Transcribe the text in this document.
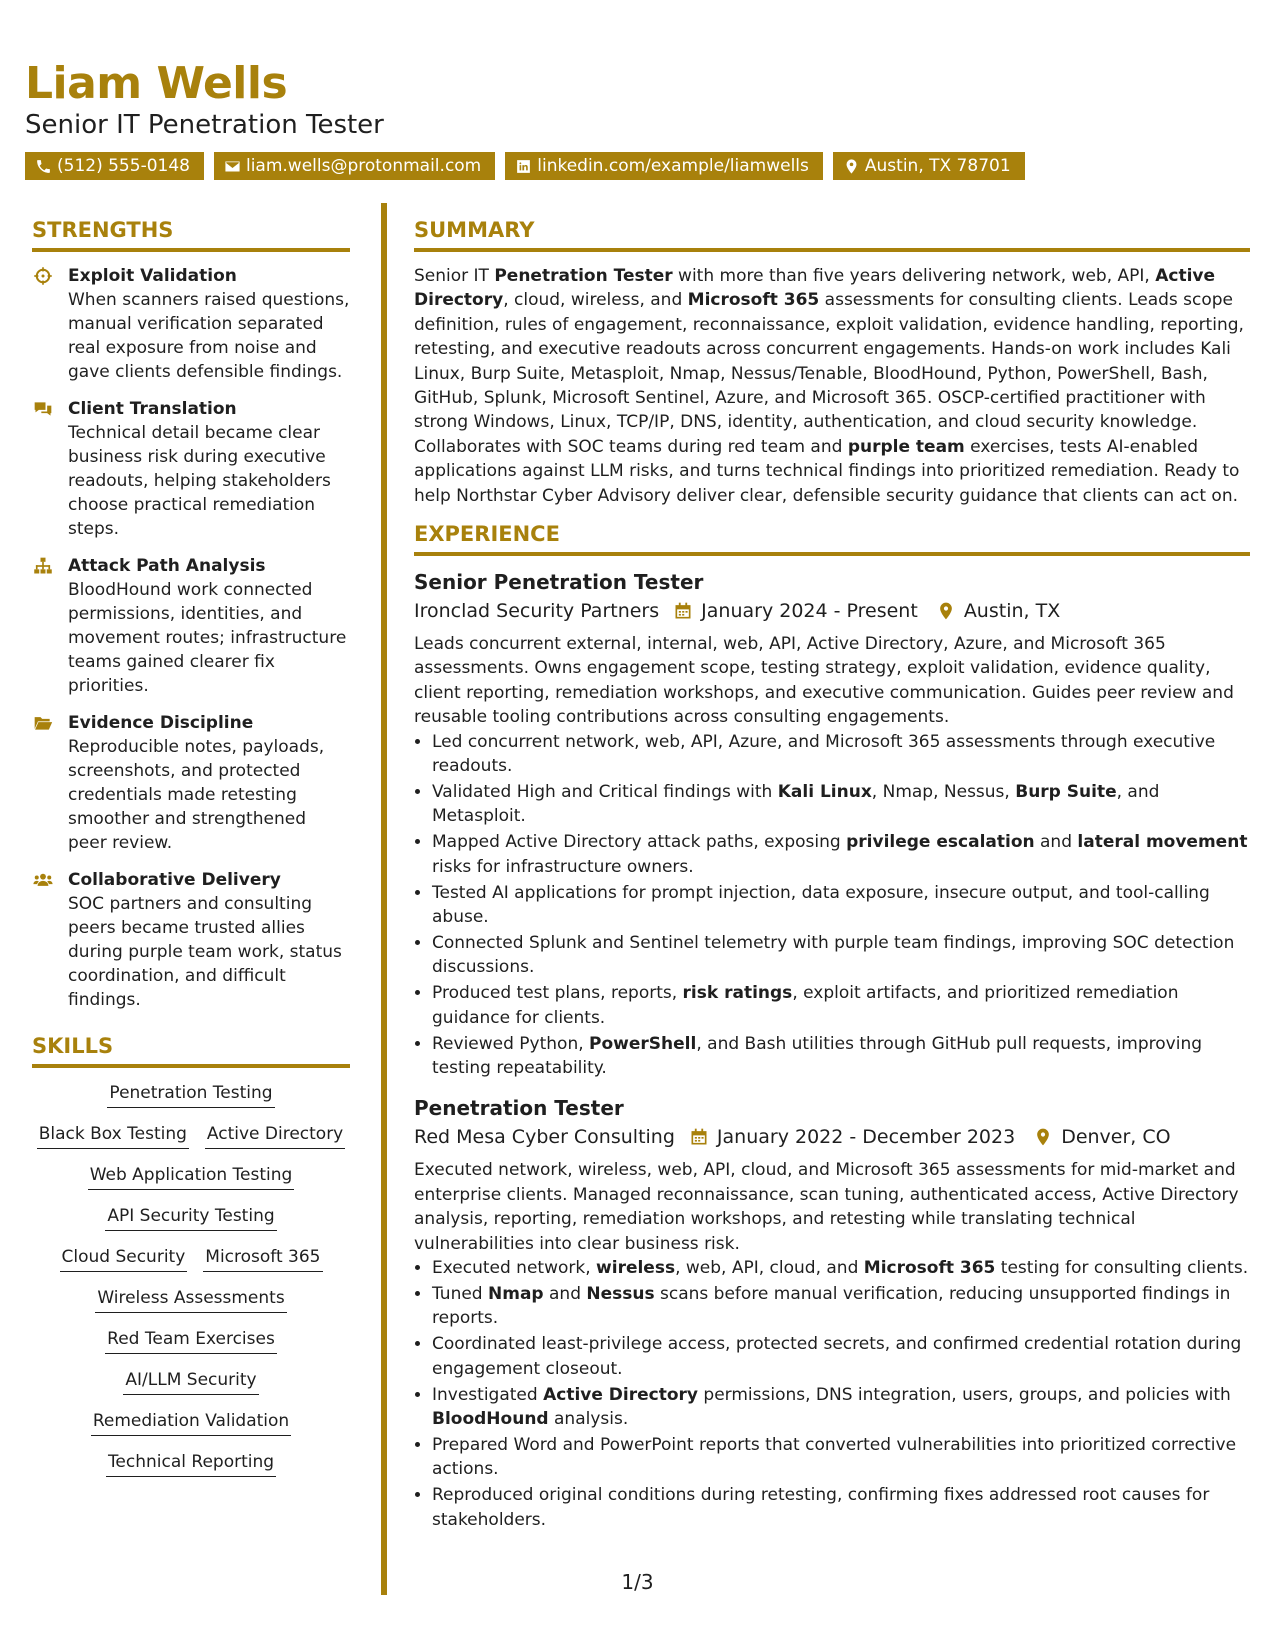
Liam Wells
Senior IT Penetration Tester
(512) 555-0148	liam.wells@protonmail.com	linkedin.com/example/liamwells	Austin, TX 78701
STRENGTHS
Exploit Validation
When scanners raised questions, manual verification separated real exposure from noise and gave clients defensible findings.
Client Translation
Technical detail became clear business risk during executive readouts, helping stakeholders choose practical remediation steps.
Attack Path Analysis
BloodHound work connected permissions, identities, and movement routes; infrastructure teams gained clearer fix priorities.
Evidence Discipline
Reproducible notes, payloads, screenshots, and protected credentials made retesting smoother and strengthened peer review.
Collaborative Delivery
SOC partners and consulting peers became trusted allies during purple team work, status coordination, and difficult findings.
SKILLS
Penetration Testing
Black Box Testing Active Directory
Web Application Testing
API Security Testing
Cloud Security Microsoft 365
Wireless Assessments
Red Team Exercises
AI/LLM Security
Remediation Validation
Technical Reporting
SUMMARY

Senior IT Penetration Tester with more than five years delivering network, web, API, Active Directory, cloud, wireless, and Microsoft 365 assessments for consulting clients. Leads scope definition, rules of engagement, reconnaissance, exploit validation, evidence handling, reporting, retesting, and executive readouts across concurrent engagements. Hands-on work includes Kali Linux, Burp Suite, Metasploit, Nmap, Nessus/Tenable, BloodHound, Python, PowerShell, Bash, GitHub, Splunk, Microsoft Sentinel, Azure, and Microsoft 365. OSCP-certified practitioner with strong Windows, Linux, TCP/IP, DNS, identity, authentication, and cloud security knowledge. Collaborates with SOC teams during red team and purple team exercises, tests AI-enabled applications against LLM risks, and turns technical findings into prioritized remediation. Ready to help Northstar Cyber Advisory deliver clear, defensible security guidance that clients can act on.

EXPERIENCE
Senior Penetration Tester
Ironclad Security Partners January 2024 - Present Austin, TX
Leads concurrent external, internal, web, API, Active Directory, Azure, and Microsoft 365 assessments. Owns engagement scope, testing strategy, exploit validation, evidence quality, client reporting, remediation workshops, and executive communication. Guides peer review and reusable tooling contributions across consulting engagements.
• Led concurrent network, web, API, Azure, and Microsoft 365 assessments through executive readouts.
• Validated High and Critical findings with Kali Linux, Nmap, Nessus, Burp Suite, and Metasploit.
• Mapped Active Directory attack paths, exposing privilege escalation and lateral movement risks for infrastructure owners.
• Tested AI applications for prompt injection, data exposure, insecure output, and tool-calling abuse.
• Connected Splunk and Sentinel telemetry with purple team findings, improving SOC detection discussions.
• Produced test plans, reports, risk ratings, exploit artifacts, and prioritized remediation guidance for clients.
• Reviewed Python, PowerShell, and Bash utilities through GitHub pull requests, improving testing repeatability.
Penetration Tester
Red Mesa Cyber Consulting January 2022 - December 2023 Denver, CO
Executed network, wireless, web, API, cloud, and Microsoft 365 assessments for mid-market and enterprise clients. Managed reconnaissance, scan tuning, authenticated access, Active Directory analysis, reporting, remediation workshops, and retesting while translating technical vulnerabilities into clear business risk.
• Executed network, wireless, web, API, cloud, and Microsoft 365 testing for consulting clients.
• Tuned Nmap and Nessus scans before manual verification, reducing unsupported findings in reports.
• Coordinated least-privilege access, protected secrets, and confirmed credential rotation during engagement closeout.
• Investigated Active Directory permissions, DNS integration, users, groups, and policies with BloodHound analysis.
• Prepared Word and PowerPoint reports that converted vulnerabilities into prioritized corrective actions.
• Reproduced original conditions during retesting, confirming fixes addressed root causes for stakeholders.
1/3
